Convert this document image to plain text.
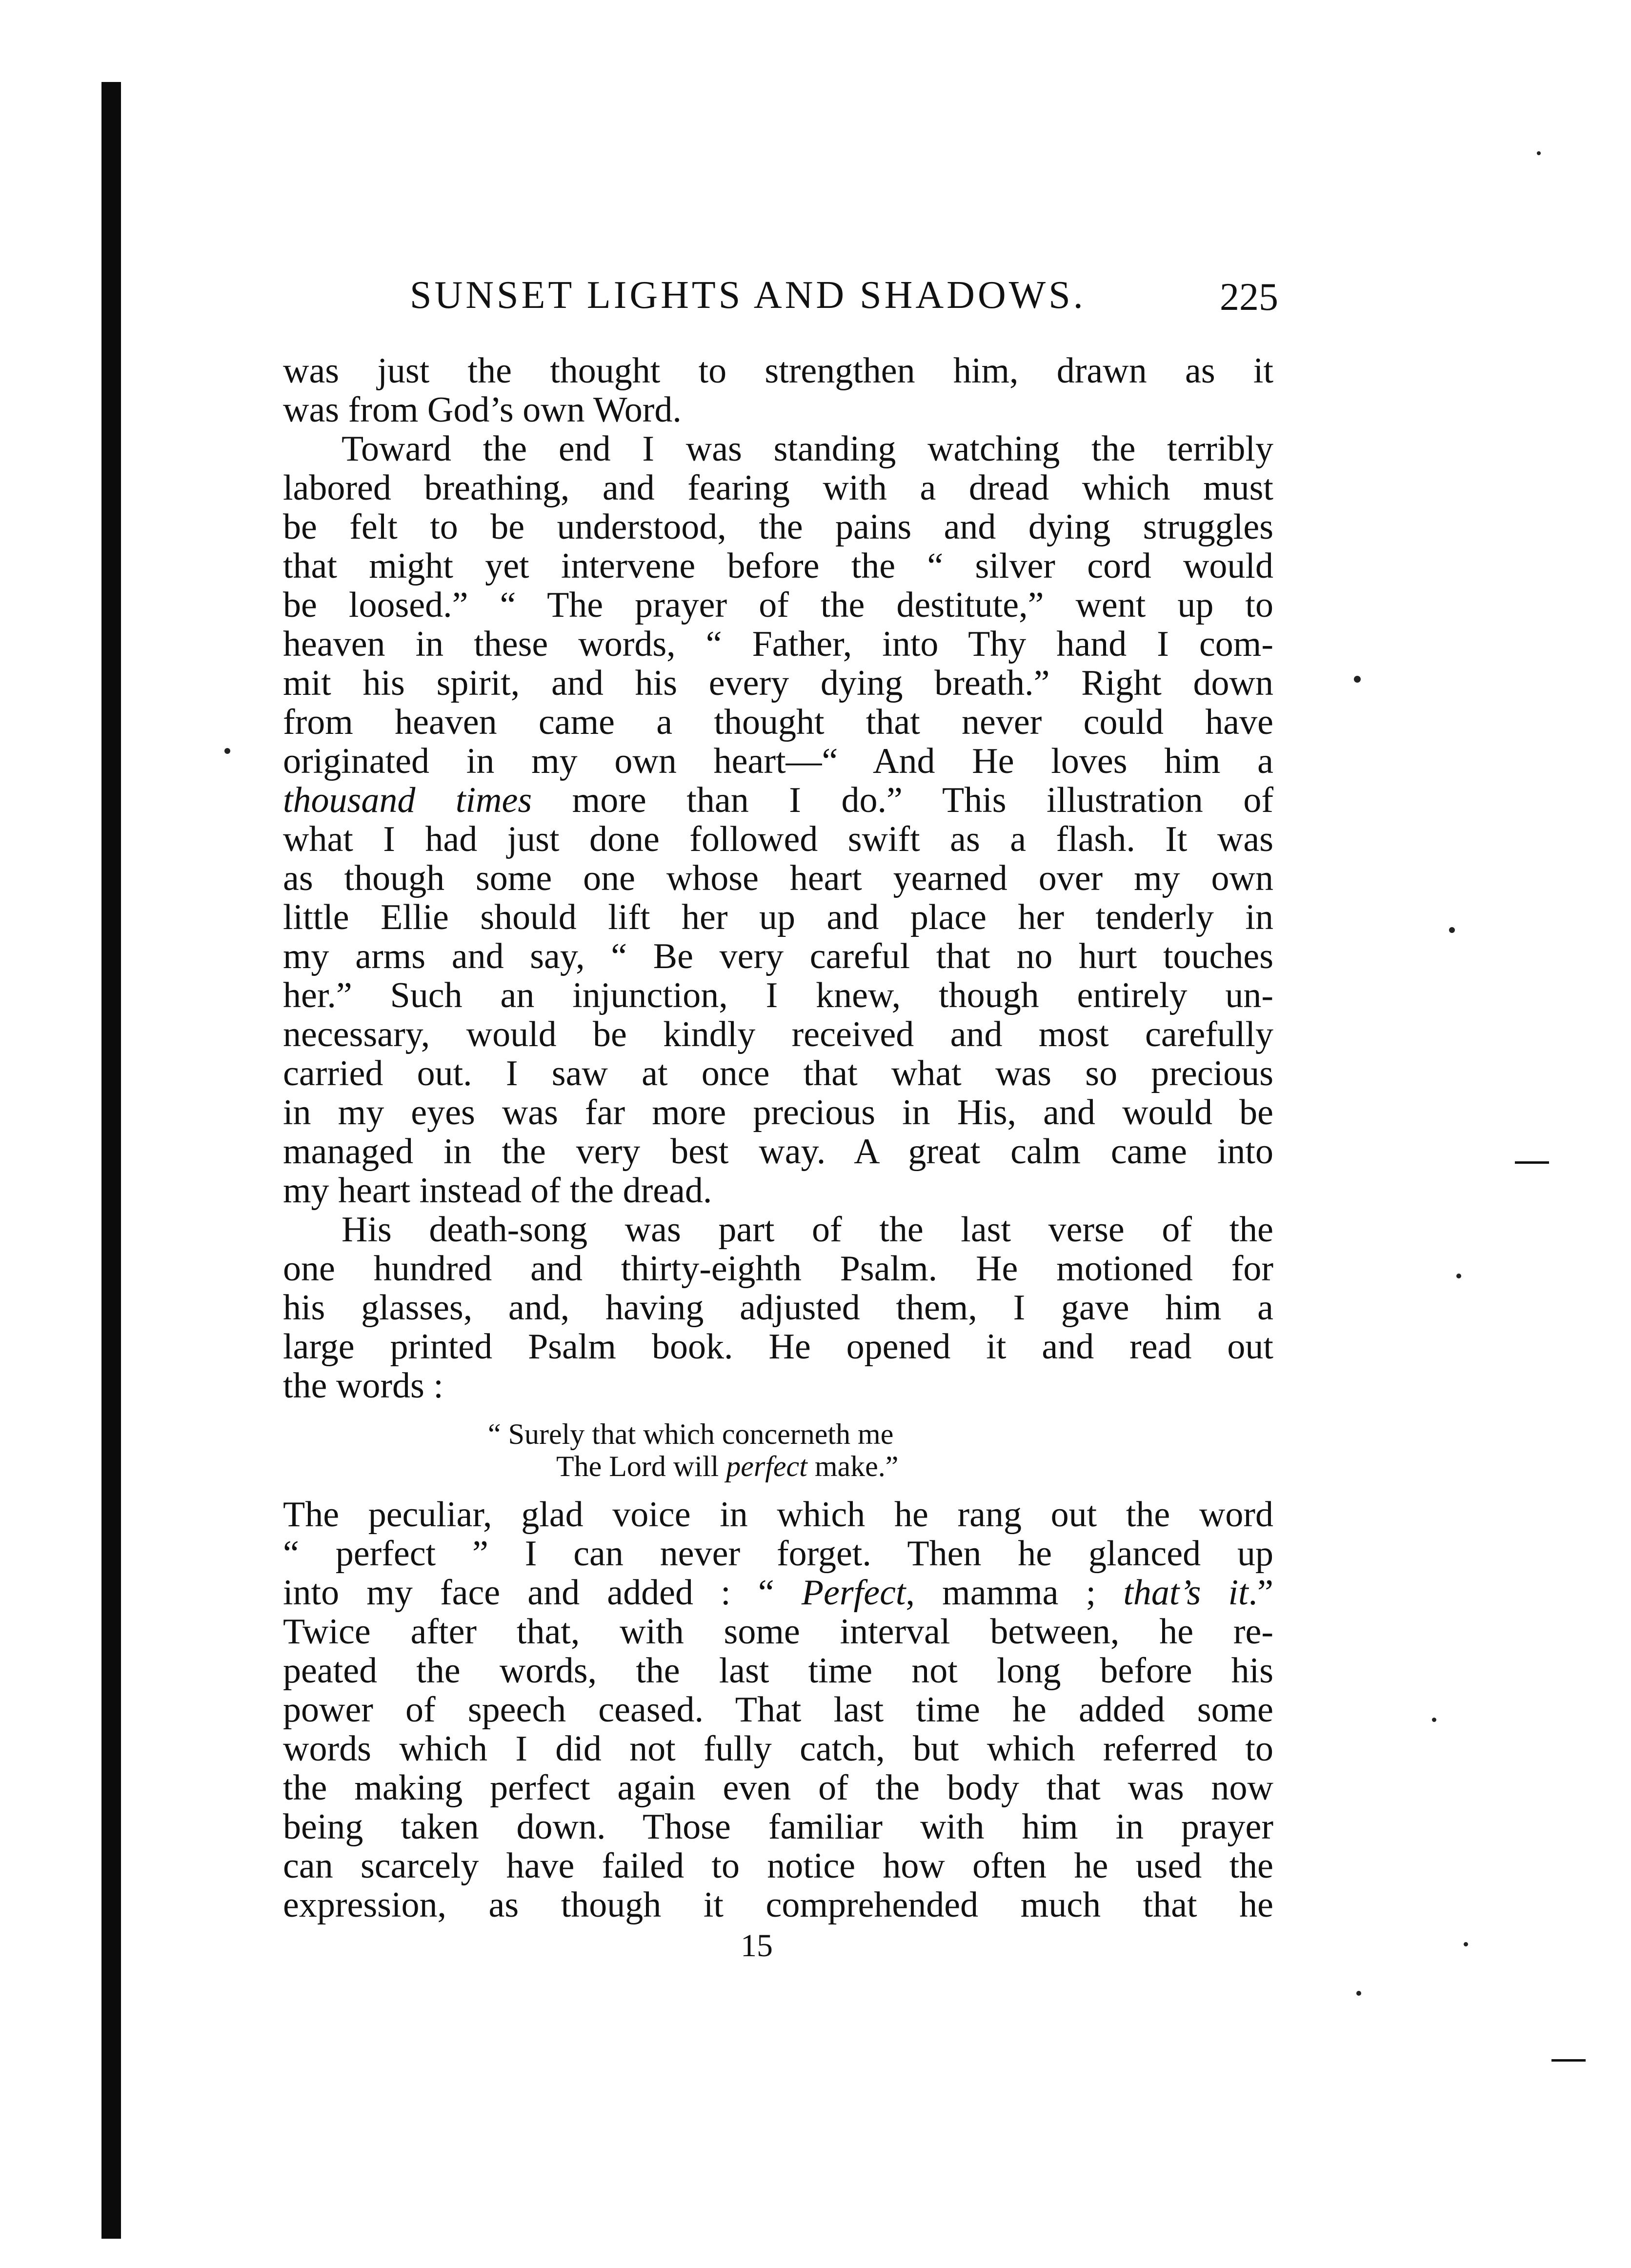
SUNSET LIGHTS AND SHADOWS.	225
was just the thought to strengthen him, drawn as it
was from God’s own Word.
Toward the end I was standing watching the terribly
labored breathing, and fearing with a dread which must
be felt to be understood, the pains and dying struggles
that might yet intervene before the “ silver cord would
be loosed.” “ The prayer of the destitute,” went up to
heaven in these words, “ Father, into Thy hand I com-
mit his spirit, and his every dying breath.” Right down
from heaven came a thought that never could have
originated in my own heart—“ And He loves him a
thousand times more than I do.” This illustration of
what I had just done followed swift as a flash. It was
as though some one whose heart yearned over my own
little Ellie should lift her up and place her tenderly in
my arms and say, “ Be very careful that no hurt touches
her.” Such an injunction, I knew, though entirely un-
necessary, would be kindly received and most carefully
carried out. I saw at once that what was so precious
in my eyes was far more precious in His, and would be
managed in the very best way. A great calm came into
my heart instead of the dread.
His death-song was part of the last verse of the
one hundred and thirty-eighth Psalm. He motioned for
his glasses, and, having adjusted them, I gave him a
large printed Psalm book. He opened it and read out
the words :
“ Surely that which concerneth me
The Lord will perfect make.”
The peculiar, glad voice in which he rang out the word
“ perfect ” I can never forget. Then he glanced up
into my face and added : “ Perfect, mamma ; that’s it.”
Twice after that, with some interval between, he re-
peated the words, the last time not long before his
power of speech ceased. That last time he added some
words which I did not fully catch, but which referred to
the making perfect again even of the body that was now
being taken down. Those familiar with him in prayer
can scarcely have failed to notice how often he used the
expression, as though it comprehended much that he
15
